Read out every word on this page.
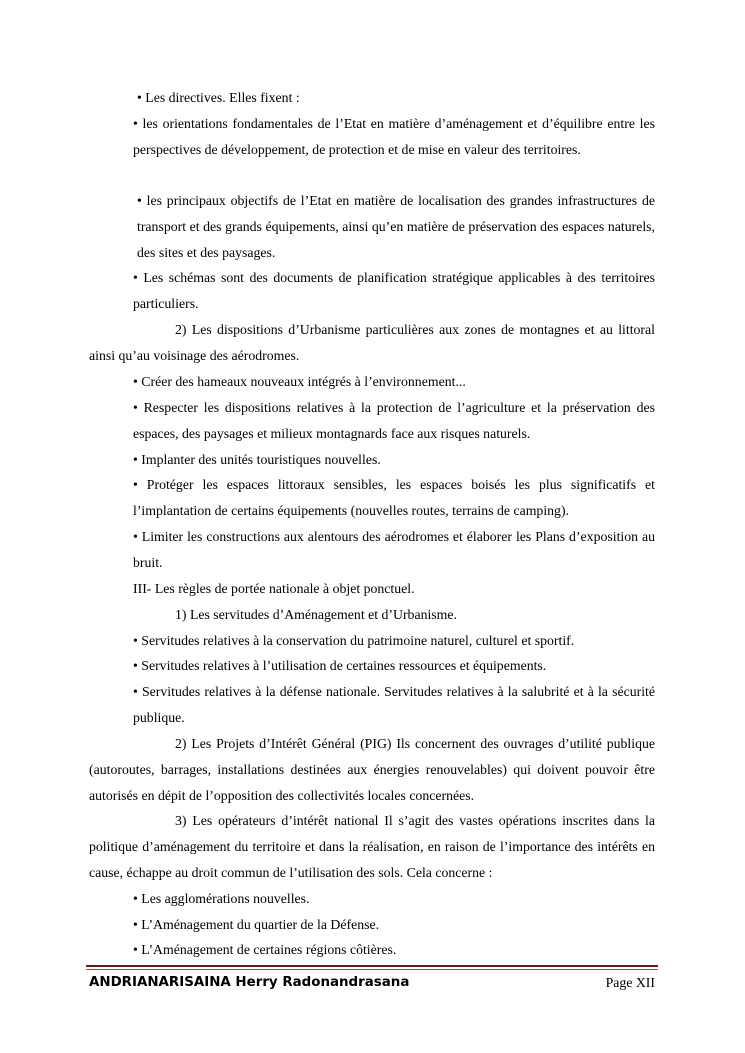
• Les directives. Elles fixent :

• les orientations fondamentales de l’Etat en matière d’aménagement et d’équilibre entre les perspectives de développement, de protection et de mise en valeur des territoires.

• les principaux objectifs de l’Etat en matière de localisation des grandes infrastructures de transport et des grands équipements, ainsi qu’en matière de préservation des espaces naturels, des sites et des paysages.

• Les schémas sont des documents de planification stratégique applicables à des territoires particuliers.

2) Les dispositions d’Urbanisme particulières aux zones de montagnes et au littoral ainsi qu’au voisinage des aérodromes.

• Créer des hameaux nouveaux intégrés à l’environnement...

• Respecter les dispositions relatives à la protection de l’agriculture et la préservation des espaces, des paysages et milieux montagnards face aux risques naturels.

• Implanter des unités touristiques nouvelles.

• Protéger les espaces littoraux sensibles, les espaces boisés les plus significatifs et l’implantation de certains équipements (nouvelles routes, terrains de camping).

• Limiter les constructions aux alentours des aérodromes et élaborer les Plans d’exposition au bruit.

III- Les règles de portée nationale à objet ponctuel.

1) Les servitudes d’Aménagement et d’Urbanisme.

• Servitudes relatives à la conservation du patrimoine naturel, culturel et sportif.

• Servitudes relatives à l’utilisation de certaines ressources et équipements.

• Servitudes relatives à la défense nationale. Servitudes relatives à la salubrité et à la sécurité publique.

2) Les Projets d’Intérêt Général (PIG) Ils concernent des ouvrages d’utilité publique (autoroutes, barrages, installations destinées aux énergies renouvelables) qui doivent pouvoir être autorisés en dépit de l’opposition des collectivités locales concernées.

3) Les opérateurs d’intérêt national Il s’agit des vastes opérations inscrites dans la politique d’aménagement du territoire et dans la réalisation, en raison de l’importance des intérêts en cause, échappe au droit commun de l’utilisation des sols. Cela concerne :

• Les agglomérations nouvelles.

• L’Aménagement du quartier de la Défense.

• L’Aménagement de certaines régions côtières.

ANDRIANARISAINA Herry Radonandrasana	Page XII
